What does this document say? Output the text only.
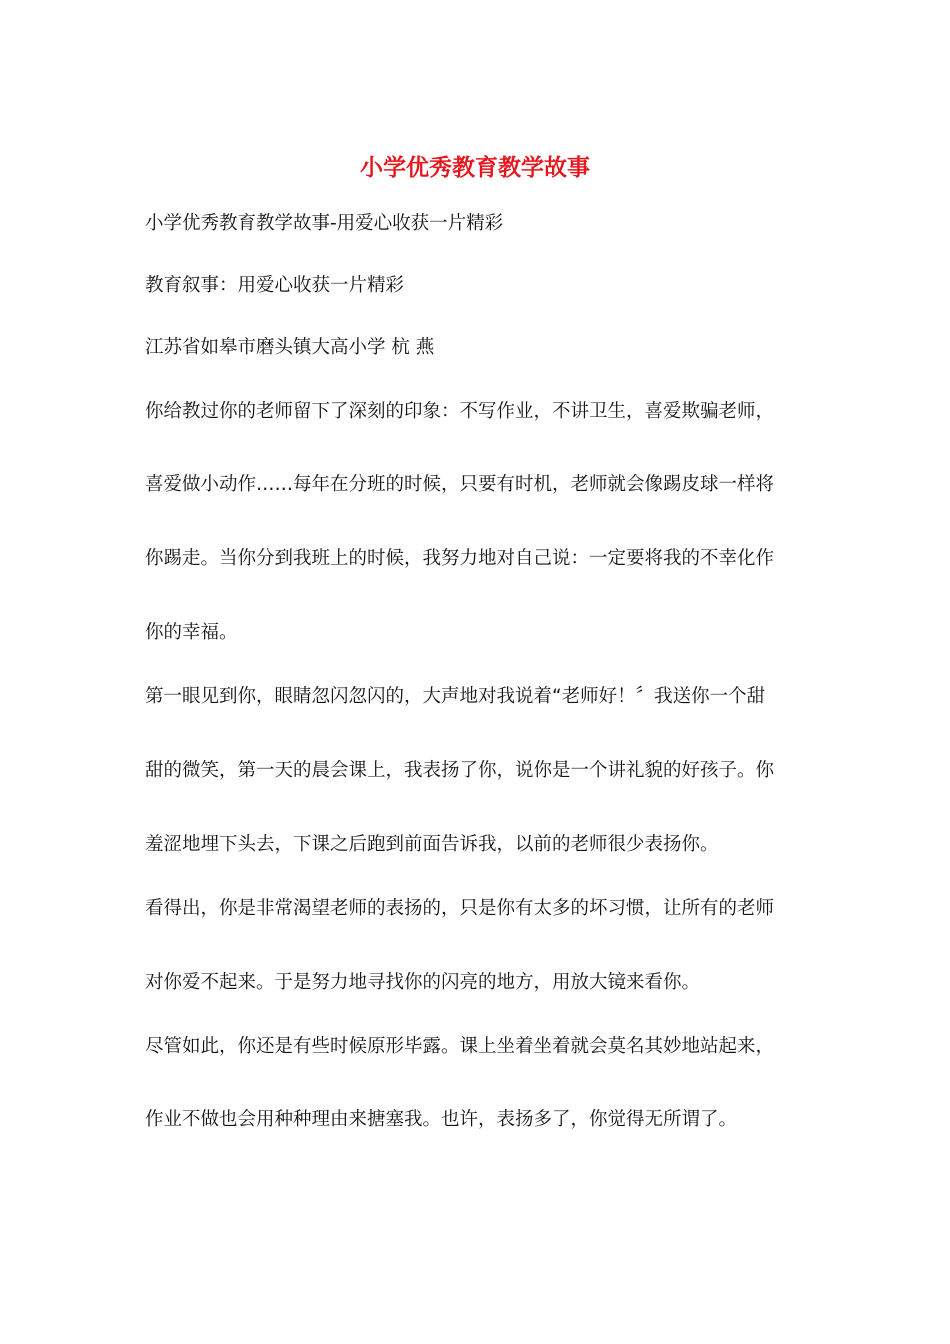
小学优秀教育教学故事
小学优秀教育教学故事-用爱心收获一片精彩
教育叙事：用爱心收获一片精彩
江苏省如皋市磨头镇大高小学 杭 燕
你给教过你的老师留下了深刻的印象：不写作业，不讲卫生，喜爱欺骗老师，
喜爱做小动作……每年在分班的时候，只要有时机，老师就会像踢皮球一样将
你踢走。当你分到我班上的时候，我努力地对自己说：一定要将我的不幸化作
你的幸福。
第一眼见到你，眼睛忽闪忽闪的，大声地对我说着“老师好！〞我送你一个甜
甜的微笑，第一天的晨会课上，我表扬了你，说你是一个讲礼貌的好孩子。你
羞涩地埋下头去，下课之后跑到前面告诉我，以前的老师很少表扬你。
看得出，你是非常渴望老师的表扬的，只是你有太多的坏习惯，让所有的老师
对你爱不起来。于是努力地寻找你的闪亮的地方，用放大镜来看你。
尽管如此，你还是有些时候原形毕露。课上坐着坐着就会莫名其妙地站起来，
作业不做也会用种种理由来搪塞我。也许，表扬多了，你觉得无所谓了。
